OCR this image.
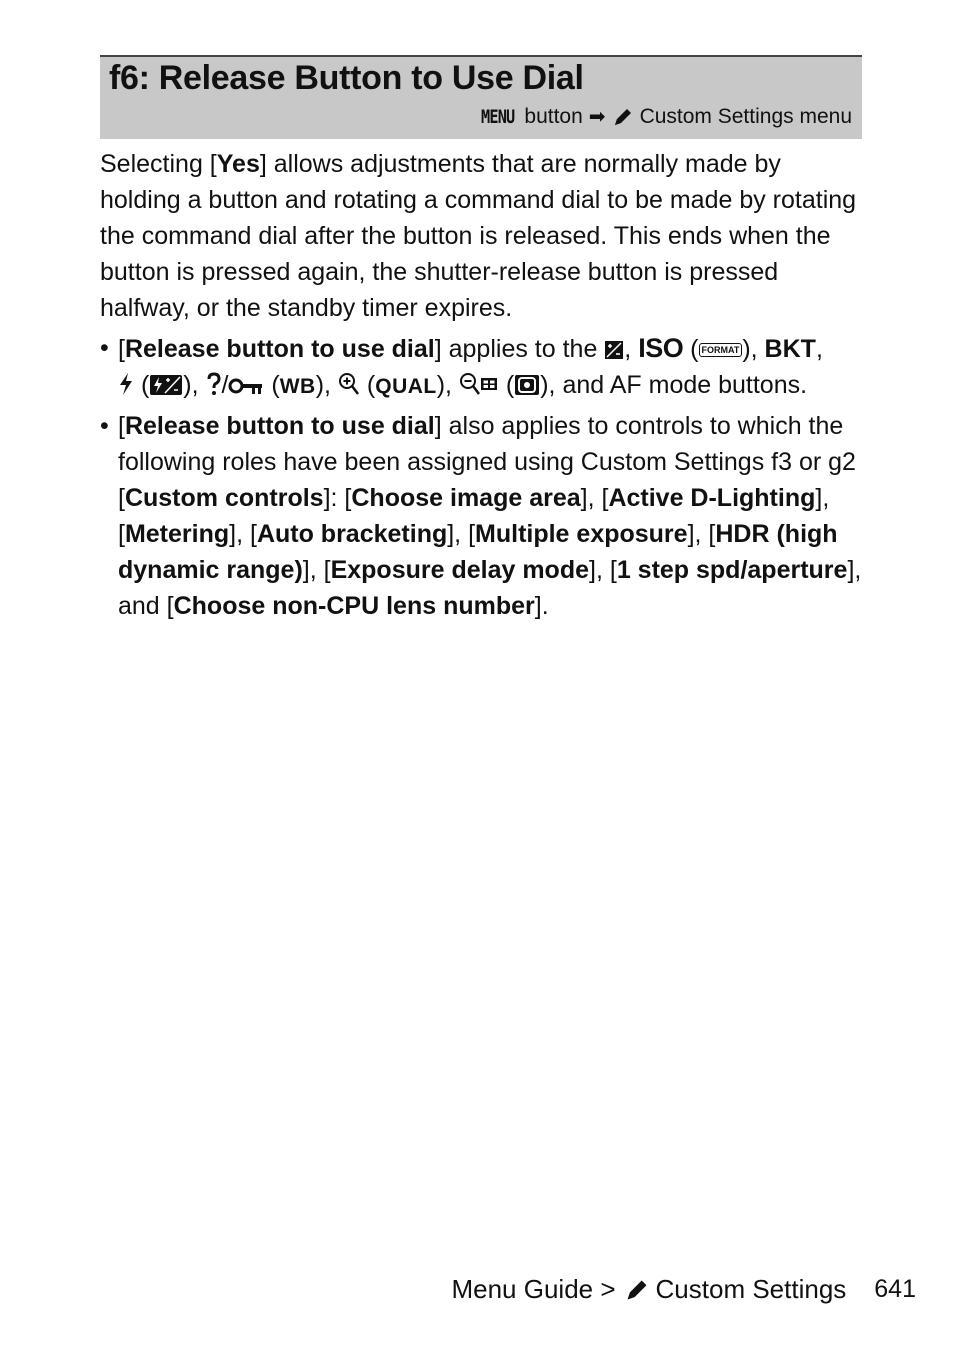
f6: Release Button to Use Dial
MENU button ➡ Custom Settings menu

Selecting [Yes] allows adjustments that are normally made by holding a button and rotating a command dial to be made by rotating the command dial after the button is released. This ends when the button is pressed again, the shutter-release button is pressed halfway, or the standby timer expires.

• [Release button to use dial] applies to the
, ISO ( FORMAT ), BKT,

( ),
/
(WB),
(QUAL),
( ), and AF mode buttons.
• [Release button to use dial] also applies to controls to which the following roles have been assigned using Custom Settings f3 or g2 [Custom controls]: [Choose image area], [Active D-Lighting], [Metering], [Auto bracketing], [Multiple exposure], [HDR (high dynamic range)], [Exposure delay mode], [1 step spd/aperture], and [Choose non-CPU lens number].
Menu Guide > Custom Settings 641
